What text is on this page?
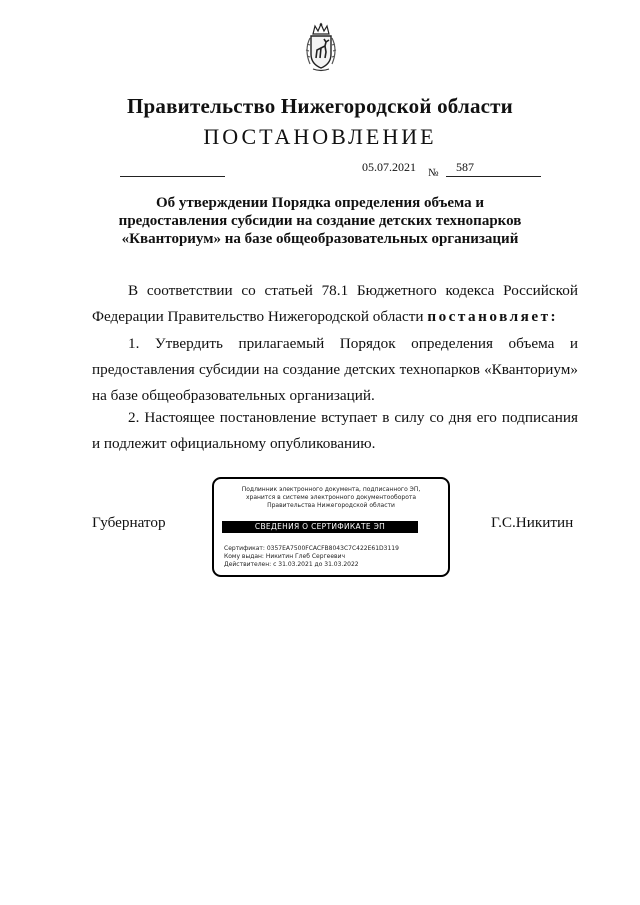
Правительство Нижегородской области
ПОСТАНОВЛЕНИЕ
05.07.2021 № 587
Об утверждении Порядка определения объема и
предоставления субсидии на создание детских технопарков
«Кванториум» на базе общеобразовательных организаций
В соответствии со статьей 78.1 Бюджетного кодекса Российской Федерации Правительство Нижегородской области постановляет:
1. Утвердить прилагаемый Порядок определения объема и предоставления субсидии на создание детских технопарков «Кванториум» на базе общеобразовательных организаций.
2. Настоящее постановление вступает в силу со дня его подписания и подлежит официальному опубликованию.
Губернатор
Подлинник электронного документа, подписанного ЭП,
хранится в системе электронного документооборота
Правительства Нижегородской области
СВЕДЕНИЯ О СЕРТИФИКАТЕ ЭП
Сертификат: 0357EA7500FCACFB8043C7C422E61D3119
Кому выдан: Никитин Глеб Сергеевич
Действителен: с 31.03.2021 до 31.03.2022
Г.С.Никитин
